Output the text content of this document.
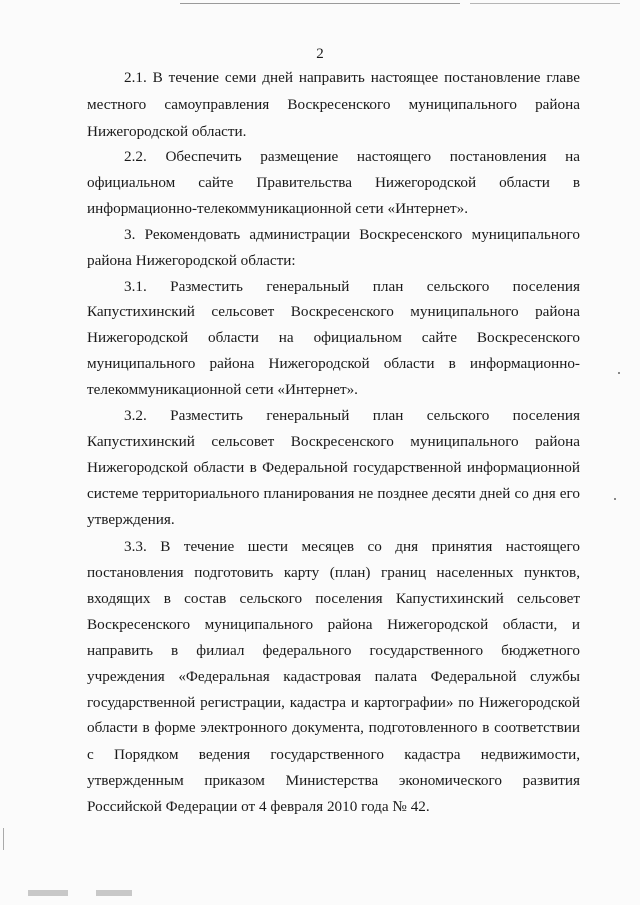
2
2.1. В течение семи дней направить настоящее постановление главе
местного самоуправления Воскресенского муниципального района
Нижегородской области.
2.2. Обеспечить размещение настоящего постановления на
официальном сайте Правительства Нижегородской области в
информационно-телекоммуникационной сети «Интернет».
3. Рекомендовать администрации Воскресенского муниципального
района Нижегородской области:
3.1. Разместить генеральный план сельского поселения
Капустихинский сельсовет Воскресенского муниципального района
Нижегородской области на официальном сайте Воскресенского
муниципального района Нижегородской области в информационно-
телекоммуникационной сети «Интернет».
3.2. Разместить генеральный план сельского поселения
Капустихинский сельсовет Воскресенского муниципального района
Нижегородской области в Федеральной государственной информационной
системе территориального планирования не позднее десяти дней со дня его
утверждения.
3.3. В течение шести месяцев со дня принятия настоящего
постановления подготовить карту (план) границ населенных пунктов,
входящих в состав сельского поселения Капустихинский сельсовет
Воскресенского муниципального района Нижегородской области, и
направить в филиал федерального государственного бюджетного
учреждения «Федеральная кадастровая палата Федеральной службы
государственной регистрации, кадастра и картографии» по Нижегородской
области в форме электронного документа, подготовленного в соответствии
с Порядком ведения государственного кадастра недвижимости,
утвержденным приказом Министерства экономического развития
Российской Федерации от 4 февраля 2010 года № 42.
